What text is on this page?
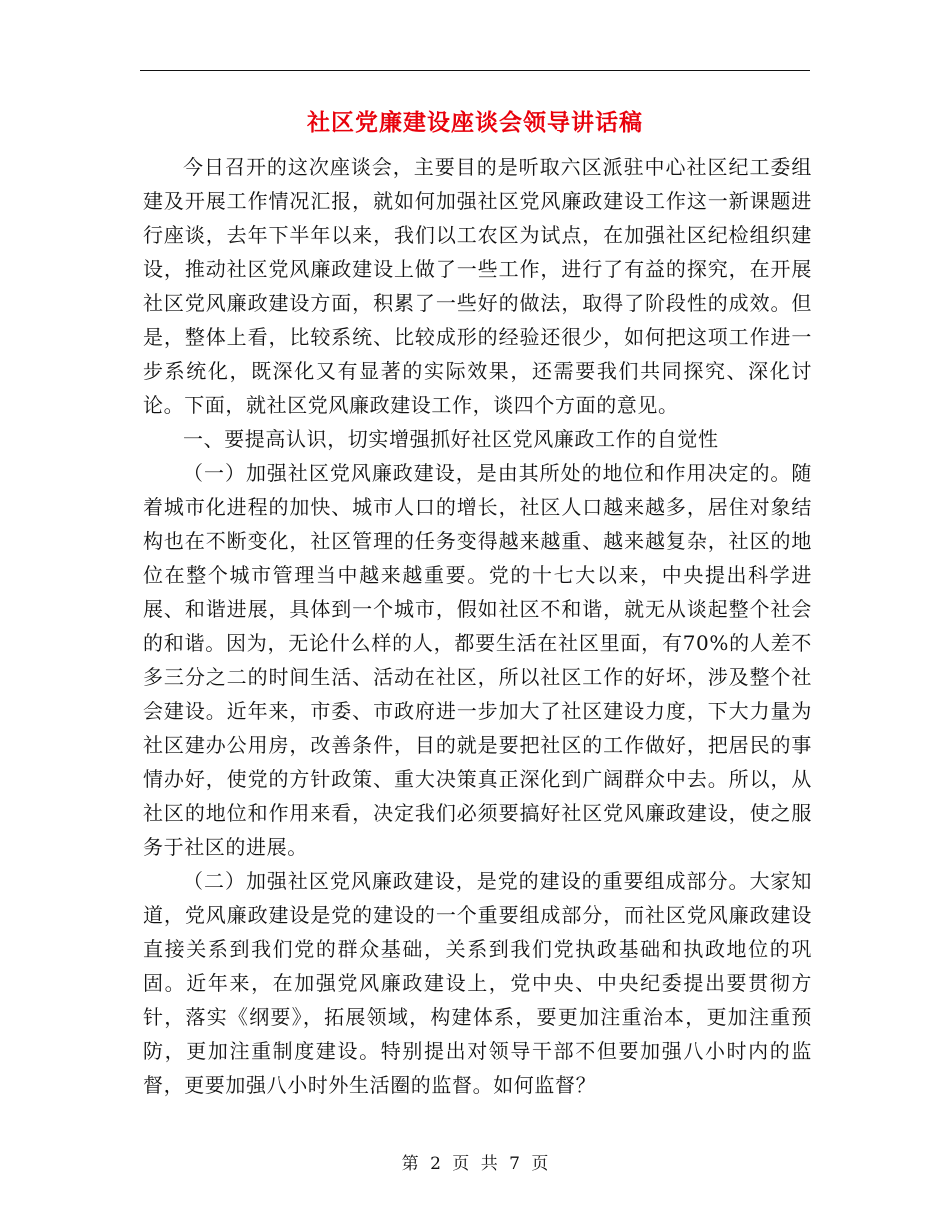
社区党廉建设座谈会领导讲话稿

今日召开的这次座谈会，主要目的是听取六区派驻中心社区纪工委组建及开展工作情况汇报，就如何加强社区党风廉政建设工作这一新课题进行座谈，去年下半年以来，我们以工农区为试点，在加强社区纪检组织建设，推动社区党风廉政建设上做了一些工作，进行了有益的探究，在开展社区党风廉政建设方面，积累了一些好的做法，取得了阶段性的成效。但是，整体上看，比较系统、比较成形的经验还很少，如何把这项工作进一步系统化，既深化又有显著的实际效果，还需要我们共同探究、深化讨论。下面，就社区党风廉政建设工作，谈四个方面的意见。

一、要提高认识，切实增强抓好社区党风廉政工作的自觉性

（一）加强社区党风廉政建设，是由其所处的地位和作用决定的。随着城市化进程的加快、城市人口的增长，社区人口越来越多，居住对象结构也在不断变化，社区管理的任务变得越来越重、越来越复杂，社区的地位在整个城市管理当中越来越重要。党的十七大以来，中央提出科学进展、和谐进展，具体到一个城市，假如社区不和谐，就无从谈起整个社会的和谐。因为，无论什么样的人，都要生活在社区里面，有70%的人差不多三分之二的时间生活、活动在社区，所以社区工作的好坏，涉及整个社会建设。近年来，市委、市政府进一步加大了社区建设力度，下大力量为社区建办公用房，改善条件，目的就是要把社区的工作做好，把居民的事情办好，使党的方针政策、重大决策真正深化到广阔群众中去。所以，从社区的地位和作用来看，决定我们必须要搞好社区党风廉政建设，使之服务于社区的进展。

（二）加强社区党风廉政建设，是党的建设的重要组成部分。大家知道，党风廉政建设是党的建设的一个重要组成部分，而社区党风廉政建设直接关系到我们党的群众基础，关系到我们党执政基础和执政地位的巩固。近年来，在加强党风廉政建设上，党中央、中央纪委提出要贯彻方针，落实《纲要》，拓展领域，构建体系，要更加注重治本，更加注重预防，更加注重制度建设。特别提出对领导干部不但要加强八小时内的监督，更要加强八小时外生活圈的监督。如何监督？

第 2 页 共 7 页
